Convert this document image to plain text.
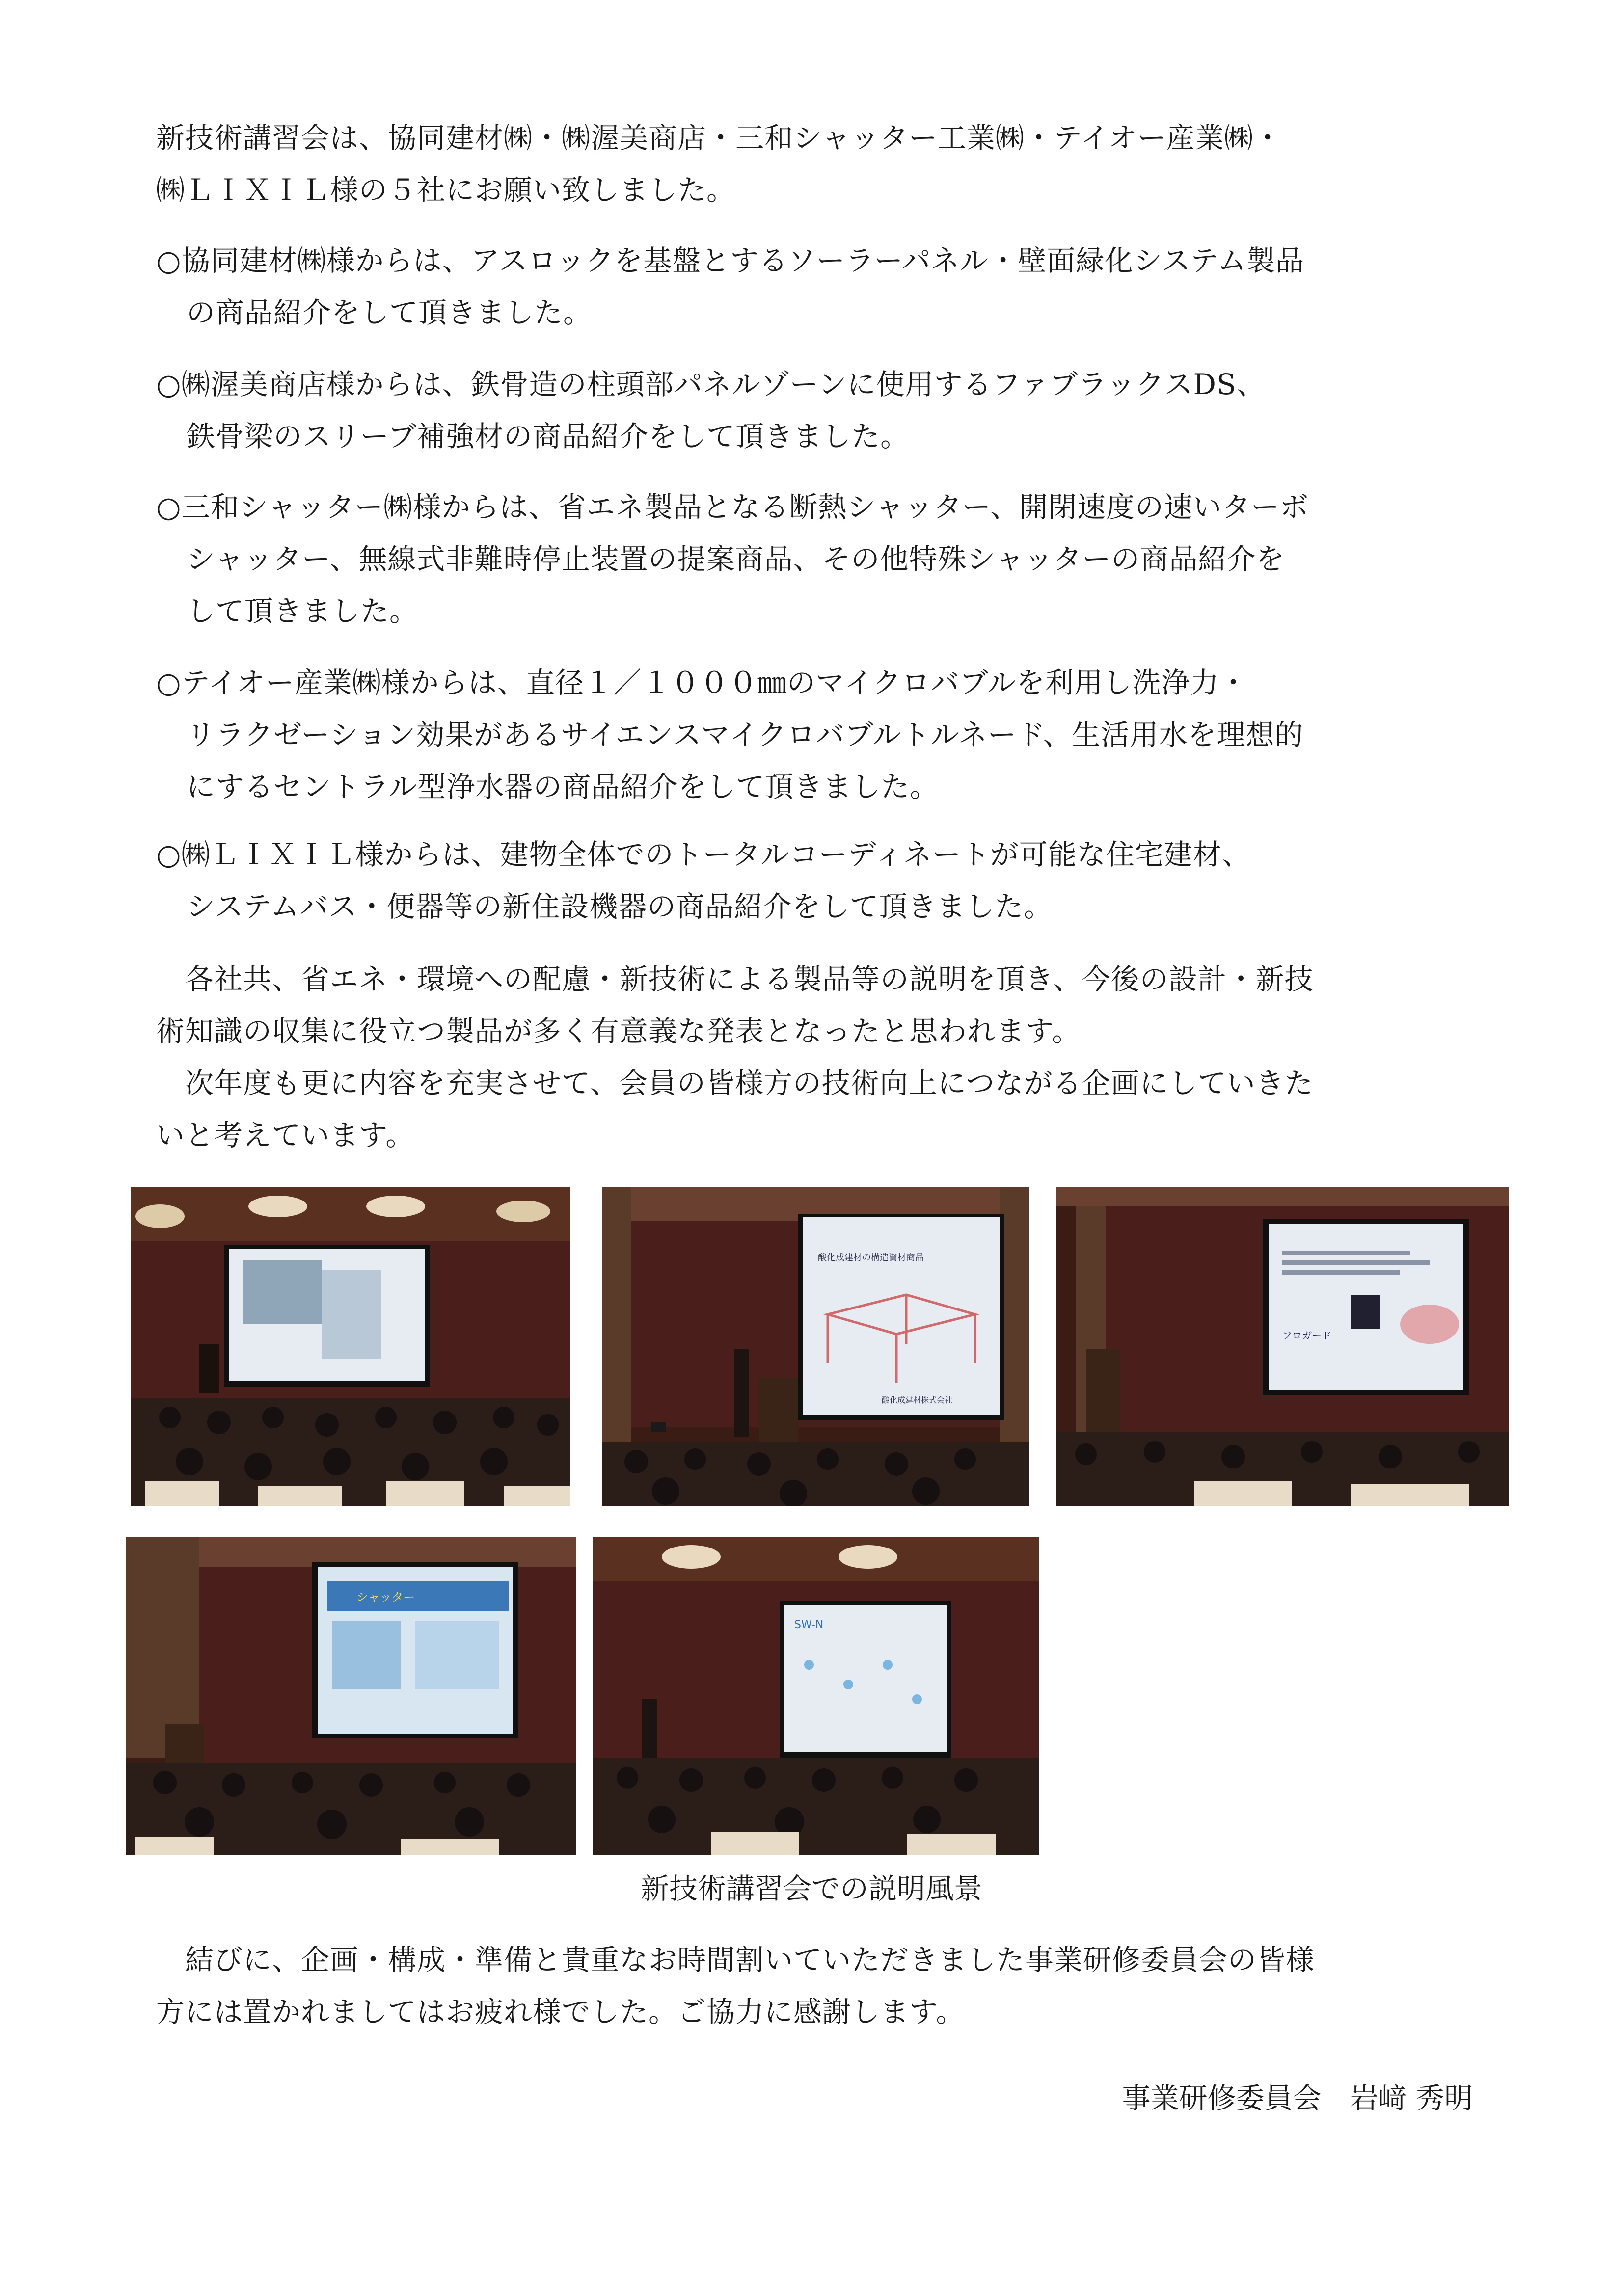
新技術講習会は、協同建材㈱・㈱渥美商店・三和シャッター工業㈱・テイオー産業㈱・

㈱ＬＩＸＩＬ様の５社にお願い致しました。

○協同建材㈱様からは、アスロックを基盤とするソーラーパネル・壁面緑化システム製品

の商品紹介をして頂きました。

○㈱渥美商店様からは、鉄骨造の柱頭部パネルゾーンに使用するファブラックスDS、

鉄骨梁のスリーブ補強材の商品紹介をして頂きました。

○三和シャッター㈱様からは、省エネ製品となる断熱シャッター、開閉速度の速いターボ

シャッター、無線式非難時停止装置の提案商品、その他特殊シャッターの商品紹介を

して頂きました。

○テイオー産業㈱様からは、直径１／１０００㎜のマイクロバブルを利用し洗浄力・

リラクゼーション効果があるサイエンスマイクロバブルトルネード、生活用水を理想的

にするセントラル型浄水器の商品紹介をして頂きました。

○㈱ＬＩＸＩＬ様からは、建物全体でのトータルコーディネートが可能な住宅建材、

システムバス・便器等の新住設機器の商品紹介をして頂きました。

　各社共、省エネ・環境への配慮・新技術による製品等の説明を頂き、今後の設計・新技

術知識の収集に役立つ製品が多く有意義な発表となったと思われます。

　次年度も更に内容を充実させて、会員の皆様方の技術向上につながる企画にしていきた

いと考えています。

酸化成建材の構造資材商品
酸化成建材株式会社
フロガード
シャッター
SW-N
新技術講習会での説明風景

　結びに、企画・構成・準備と貴重なお時間割いていただきました事業研修委員会の皆様

方には置かれましてはお疲れ様でした。ご協力に感謝します。

事業研修委員会　岩﨑 秀明
